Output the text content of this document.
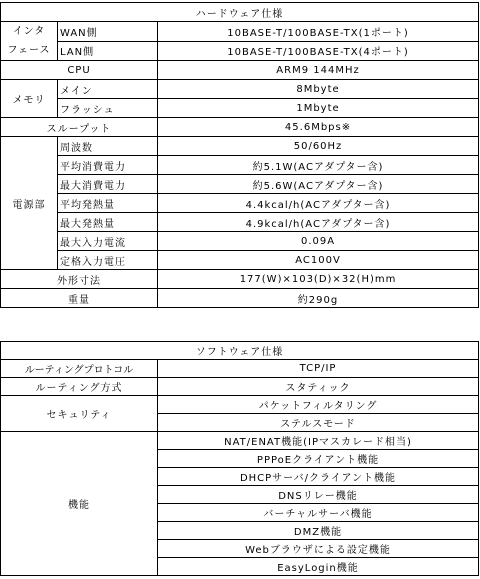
ハードウェア仕様		
インタ
フェース	WAN側	10BASE-T/100BASE-TX(1ポート)
	LAN側	10BASE-T/100BASE-TX(4ポート)
CPU		ARM9 144MHz
メモリ	メイン	8Mbyte
	フラッシュ	1Mbyte
スループット		45.6Mbps※
電源部	周波数	50/60Hz
	平均消費電力	約5.1W(ACアダプター含)
	最大消費電力	約5.6W(ACアダプター含)
	平均発熱量	4.4kcal/h(ACアダプター含)
	最大発熱量	4.9kcal/h(ACアダプター含)
	最大入力電流	0.09A
	定格入力電圧	AC100V
外形寸法		177(W)×103(D)×32(H)mm
重量		約290g
ソフトウェア仕様	
ルーティングプロトコル	TCP/IP
ルーティング方式	スタティック
セキュリティ	パケットフィルタリング
	ステルスモード
機能	NAT/ENAT機能(IPマスカレード相当)
	PPPoEクライアント機能
	DHCPサーバ/クライアント機能
	DNSリレー機能
	バーチャルサーバ機能
	DMZ機能
	Webブラウザによる設定機能
	EasyLogin機能
